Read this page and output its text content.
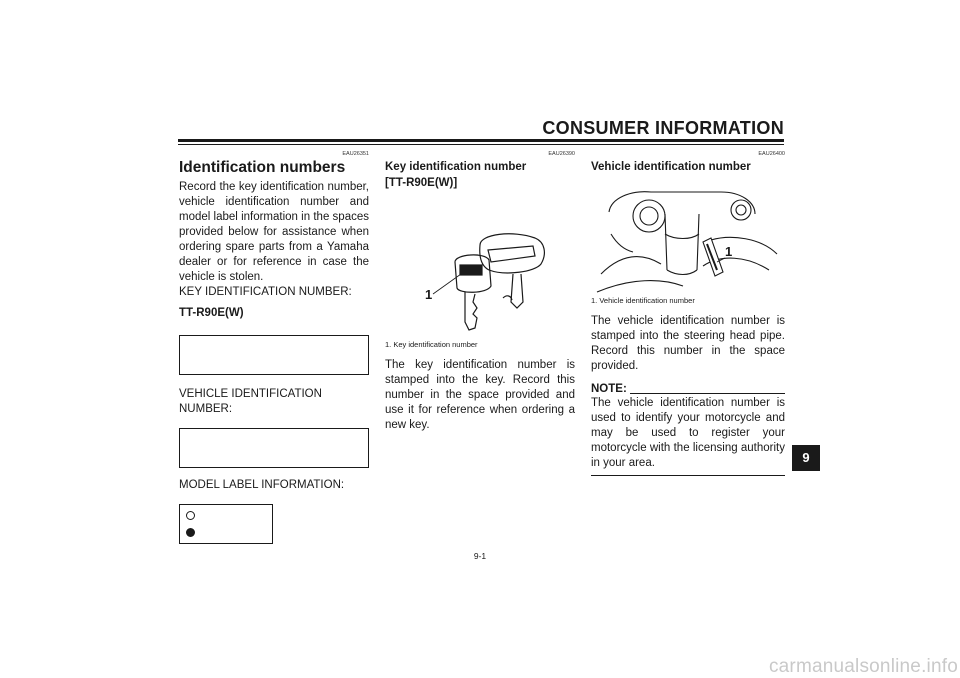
CONSUMER INFORMATION
EAU26351
Identification numbers

Record the key identification number, vehicle identification number and model label information in the spaces provided below for assistance when ordering spare parts from a Yamaha dealer or for reference in case the vehicle is stolen.

KEY IDENTIFICATION NUMBER:

TT-R90E(W)

VEHICLE IDENTIFICATION

NUMBER:

MODEL LABEL INFORMATION:

EAU26390
Key identification number
[TT-R90E(W)]
1

1. Key identification number

The key identification number is stamped into the key. Record this number in the space provided and use it for reference when ordering a new key.

EAU26400
Vehicle identification number
1

1. Vehicle identification number

The vehicle identification number is stamped into the steering head pipe. Record this number in the space provided.

NOTE:

The vehicle identification number is used to identify your motorcycle and may be used to register your motorcycle with the licensing authority in your area.	9
9-1
carmanualsonline.info
